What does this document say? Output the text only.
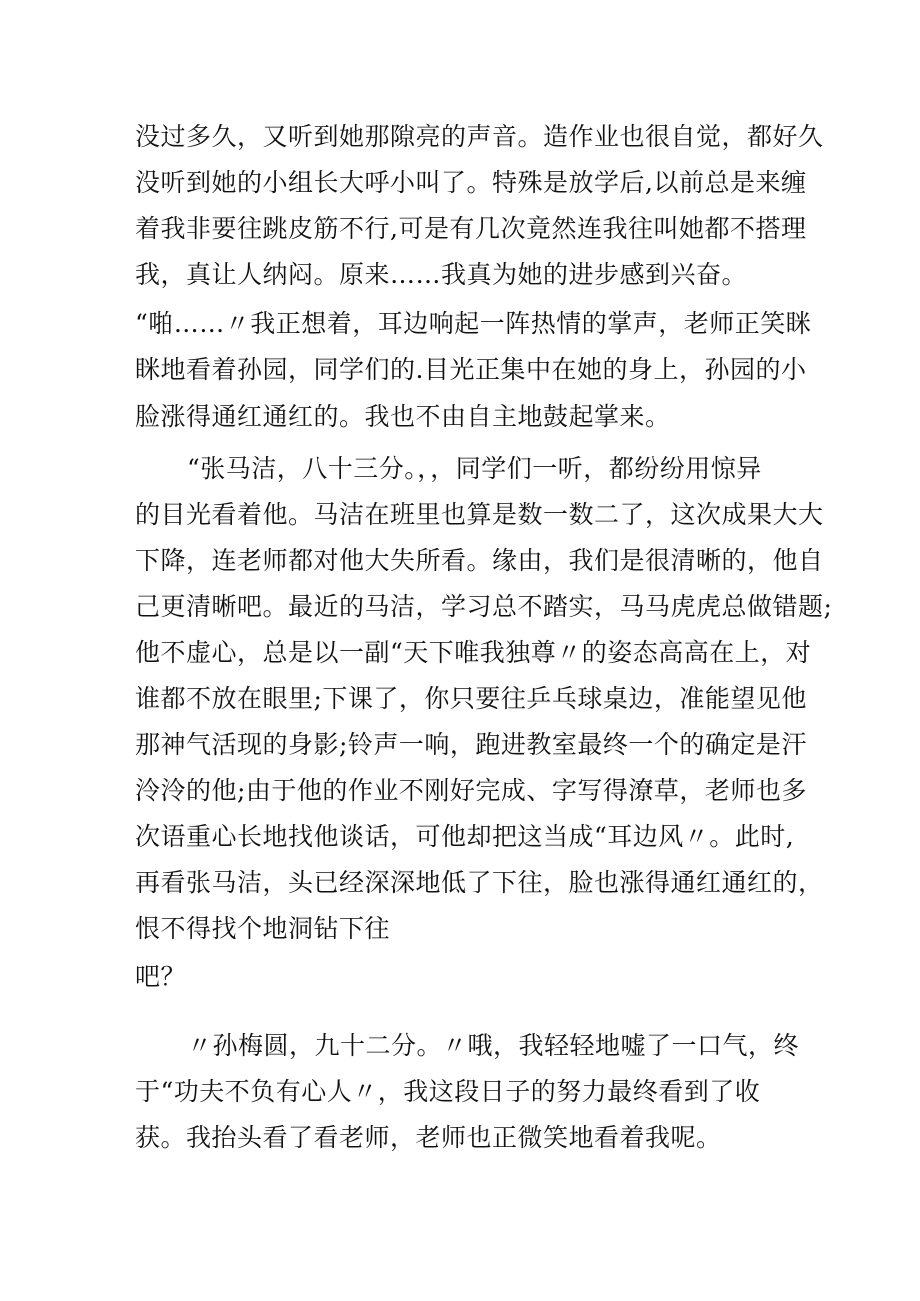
没过多久，又听到她那隙亮的声音。造作业也很自觉，都好久

没听到她的小组长大呼小叫了。特殊是放学后,以前总是来缠

着我非要往跳皮筋不行,可是有几次竟然连我往叫她都不搭理

我，真让人纳闷。原来……我真为她的进步感到兴奋。

“啪……〃我正想着，耳边响起一阵热情的掌声，老师正笑眯

眯地看着孙园，同学们的.目光正集中在她的身上，孙园的小

脸涨得通红通红的。我也不由自主地鼓起掌来。

“张马洁，八十三分。，，同学们一听，都纷纷用惊异

的目光看着他。马洁在班里也算是数一数二了，这次成果大大

下降，连老师都对他大失所看。缘由，我们是很清晰的，他自

己更清晰吧。最近的马洁，学习总不踏实，马马虎虎总做错题;

他不虚心，总是以一副“天下唯我独尊〃的姿态高高在上，对

谁都不放在眼里;下课了，你只要往乒乓球桌边，准能望见他

那神气活现的身影;铃声一响，跑进教室最终一个的确定是汗

泠泠的他;由于他的作业不刚好完成、字写得潦草，老师也多

次语重心长地找他谈话，可他却把这当成“耳边风〃。此时,

再看张马洁，头已经深深地低了下往，脸也涨得通红通红的，

恨不得找个地洞钻下往

吧？

〃孙梅圆，九十二分。〃哦，我轻轻地嘘了一口气，终

于“功夫不负有心人〃，我这段日子的努力最终看到了收

获。我抬头看了看老师，老师也正微笑地看着我呢。
